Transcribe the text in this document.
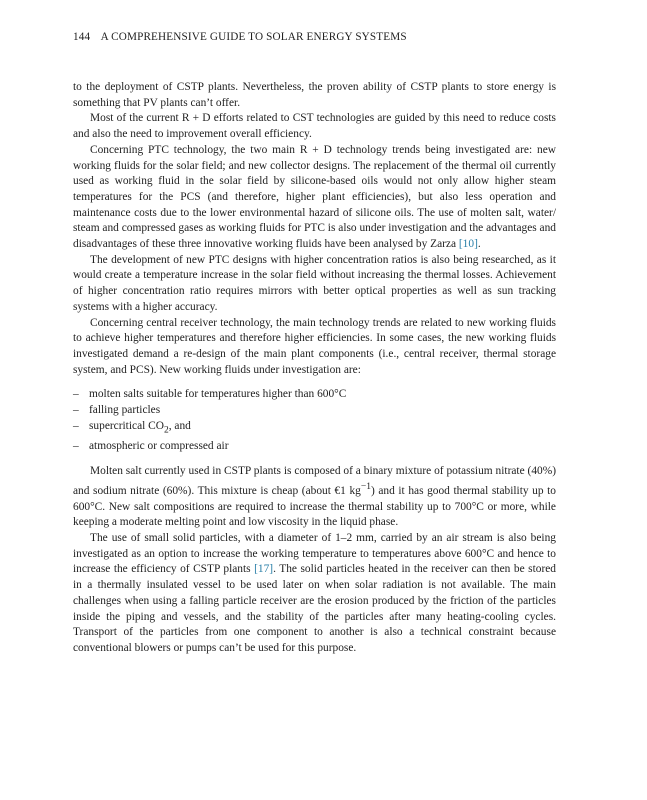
144 A COMPREHENSIVE GUIDE TO SOLAR ENERGY SYSTEMS

to the deployment of CSTP plants. Nevertheless, the proven ability of CSTP plants to store energy is something that PV plants can’t offer.

Most of the current R + D efforts related to CST technologies are guided by this need to reduce costs and also the need to improvement overall efficiency.

Concerning PTC technology, the two main R + D technology trends being investigated are: new working fluids for the solar field; and new collector designs. The replacement of the thermal oil currently used as working fluid in the solar field by silicone-based oils would not only allow higher steam temperatures for the PCS (and therefore, higher plant efficiencies), but also less operation and maintenance costs due to the lower environmental hazard of silicone oils. The use of molten salt, water/ steam and compressed gases as working fluids for PTC is also under investigation and the advantages and disadvantages of these three innovative working fluids have been analysed by Zarza [10].

The development of new PTC designs with higher concentration ratios is also being researched, as it would create a temperature increase in the solar field without increasing the thermal losses. Achievement of higher concentration ratio requires mirrors with better optical properties as well as sun tracking systems with a higher accuracy.

Concerning central receiver technology, the main technology trends are related to new working fluids to achieve higher temperatures and therefore higher efficiencies. In some cases, the new working fluids investigated demand a re-design of the main plant components (i.e., central receiver, thermal storage system, and PCS). New working fluids under investigation are:

– molten salts suitable for temperatures higher than 600°C
– falling particles
– supercritical $CO_2$, and
– atmospheric or compressed air

Molten salt currently used in CSTP plants is composed of a binary mixture of potassium nitrate (40%) and sodium nitrate (60%). This mixture is cheap (about €1 $kg^{-1}$) and it has good thermal stability up to 600°C. New salt compositions are required to increase the thermal stability up to 700°C or more, while keeping a moderate melting point and low viscosity in the liquid phase.

The use of small solid particles, with a diameter of 1–2 mm, carried by an air stream is also being investigated as an option to increase the working temperature to temperatures above 600°C and hence to increase the efficiency of CSTP plants [17]. The solid particles heated in the receiver can then be stored in a thermally insulated vessel to be used later on when solar radiation is not available. The main challenges when using a falling particle receiver are the erosion produced by the friction of the particles inside the piping and vessels, and the stability of the particles after many heating-cooling cycles. Transport of the particles from one component to another is also a technical constraint because conventional blowers or pumps can’t be used for this purpose.
